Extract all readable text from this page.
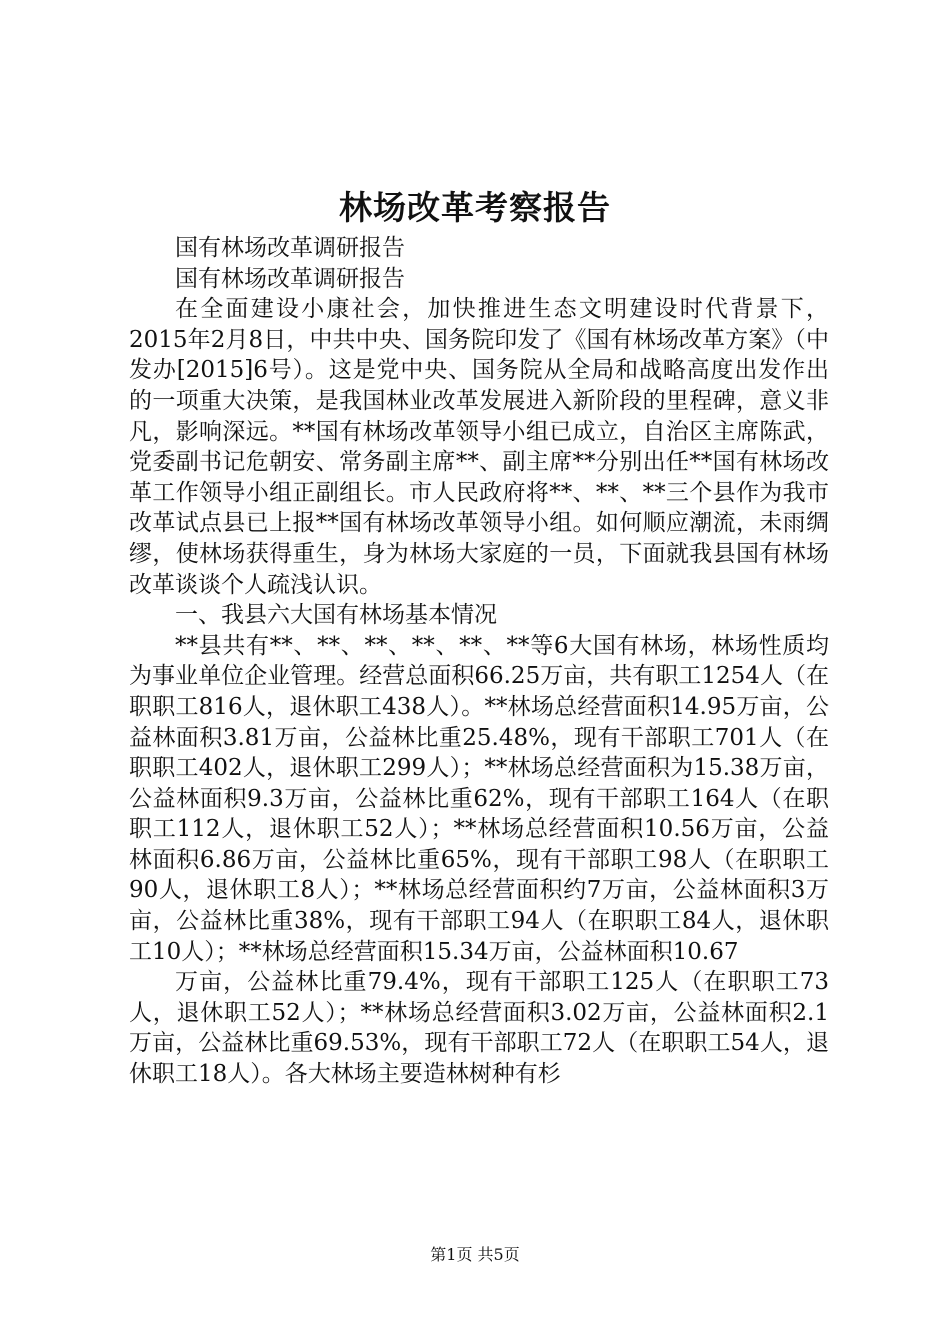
林场改革考察报告

国有林场改革调研报告

国有林场改革调研报告

在全面建设小康社会，加快推进生态文明建设时代背景下，2015年2月8日，中共中央、国务院印发了《国有林场改革方案》（中发办[2015]6号）。这是党中央、国务院从全局和战略高度出发作出的一项重大决策，是我国林业改革发展进入新阶段的里程碑，意义非凡，影响深远。**国有林场改革领导小组已成立，自治区主席陈武，党委副书记危朝安、常务副主席**、副主席**分别出任**国有林场改革工作领导小组正副组长。市人民政府将**、**、**三个县作为我市改革试点县已上报**国有林场改革领导小组。如何顺应潮流，未雨绸缪，使林场获得重生，身为林场大家庭的一员，下面就我县国有林场改革谈谈个人疏浅认识。

一、我县六大国有林场基本情况

**县共有**、**、**、**、**、**等6大国有林场，林场性质均为事业单位企业管理。经营总面积66.25万亩，共有职工1254人（在职职工816人，退休职工438人）。**林场总经营面积14.95万亩，公益林面积3.81万亩，公益林比重25.48%，现有干部职工701人（在职职工402人，退休职工299人）；**林场总经营面积为15.38万亩，公益林面积9.3万亩，公益林比重62%，现有干部职工164人（在职职工112人，退休职工52人）；**林场总经营面积10.56万亩，公益林面积6.86万亩，公益林比重65%，现有干部职工98人（在职职工90人，退休职工8人）；**林场总经营面积约7万亩，公益林面积3万亩，公益林比重38%，现有干部职工94人（在职职工84人，退休职工10人）；**林场总经营面积15.34万亩，公益林面积10.67

万亩，公益林比重79.4%，现有干部职工125人（在职职工73人，退休职工52人）；**林场总经营面积3.02万亩，公益林面积2.1万亩，公益林比重69.53%，现有干部职工72人（在职职工54人，退休职工18人）。各大林场主要造林树种有杉

第1页 共5页
